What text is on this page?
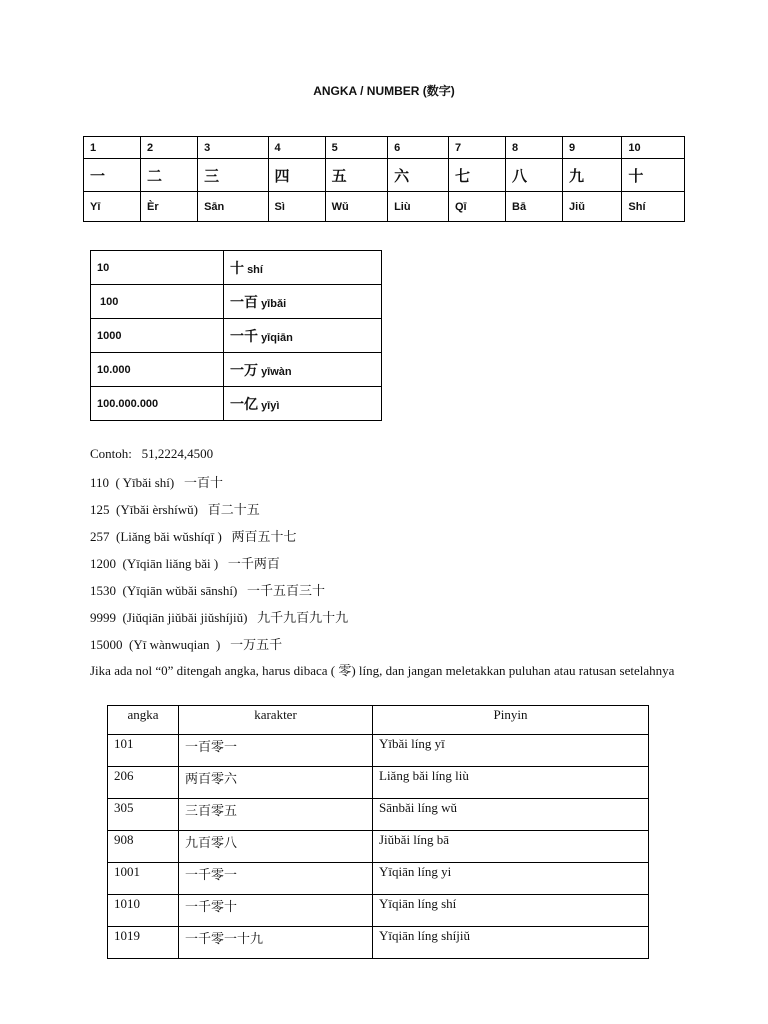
ANGKA / NUMBER (数字)
1	2	3	4	5	6	7	8	9	10
一	二	三	四	五	六	七	八	九	十
Yī	Èr	Sān	Sì	Wǔ	Liù	Qī	Bā	Jiǔ	Shí
10	十 shí
100	一百 yībǎi
1000	一千 yīqiān
10.000	一万 yīwàn
100.000.000	一亿 yīyì
Contoh:   51,2224,4500
110  ( Yībǎi shí)   一百十
125  (Yībǎi èrshíwǔ)   百二十五
257  (Liǎng bǎi wǔshíqī )   两百五十七
1200  (Yīqiān liǎng bǎi )   一千两百
1530  (Yīqiān wǔbǎi sānshí)   一千五百三十
9999  (Jiǔqiān jiǔbǎi jiǔshíjiǔ)   九千九百九十九
15000  (Yī wànwuqian  )   一万五千
Jika ada nol “0” ditengah angka, harus dibaca ( 零) líng, dan jangan meletakkan puluhan atau ratusan setelahnya
angka	karakter	Pinyin
101	一百零一	Yībǎi líng yī
206	两百零六	Liǎng bǎi líng liù
305	三百零五	Sānbǎi líng wǔ
908	九百零八	Jiǔbǎi líng bā
1001	一千零一	Yīqiān líng yi
1010	一千零十	Yīqiān líng shí
1019	一千零一十九	Yīqiān líng shíjiǔ
